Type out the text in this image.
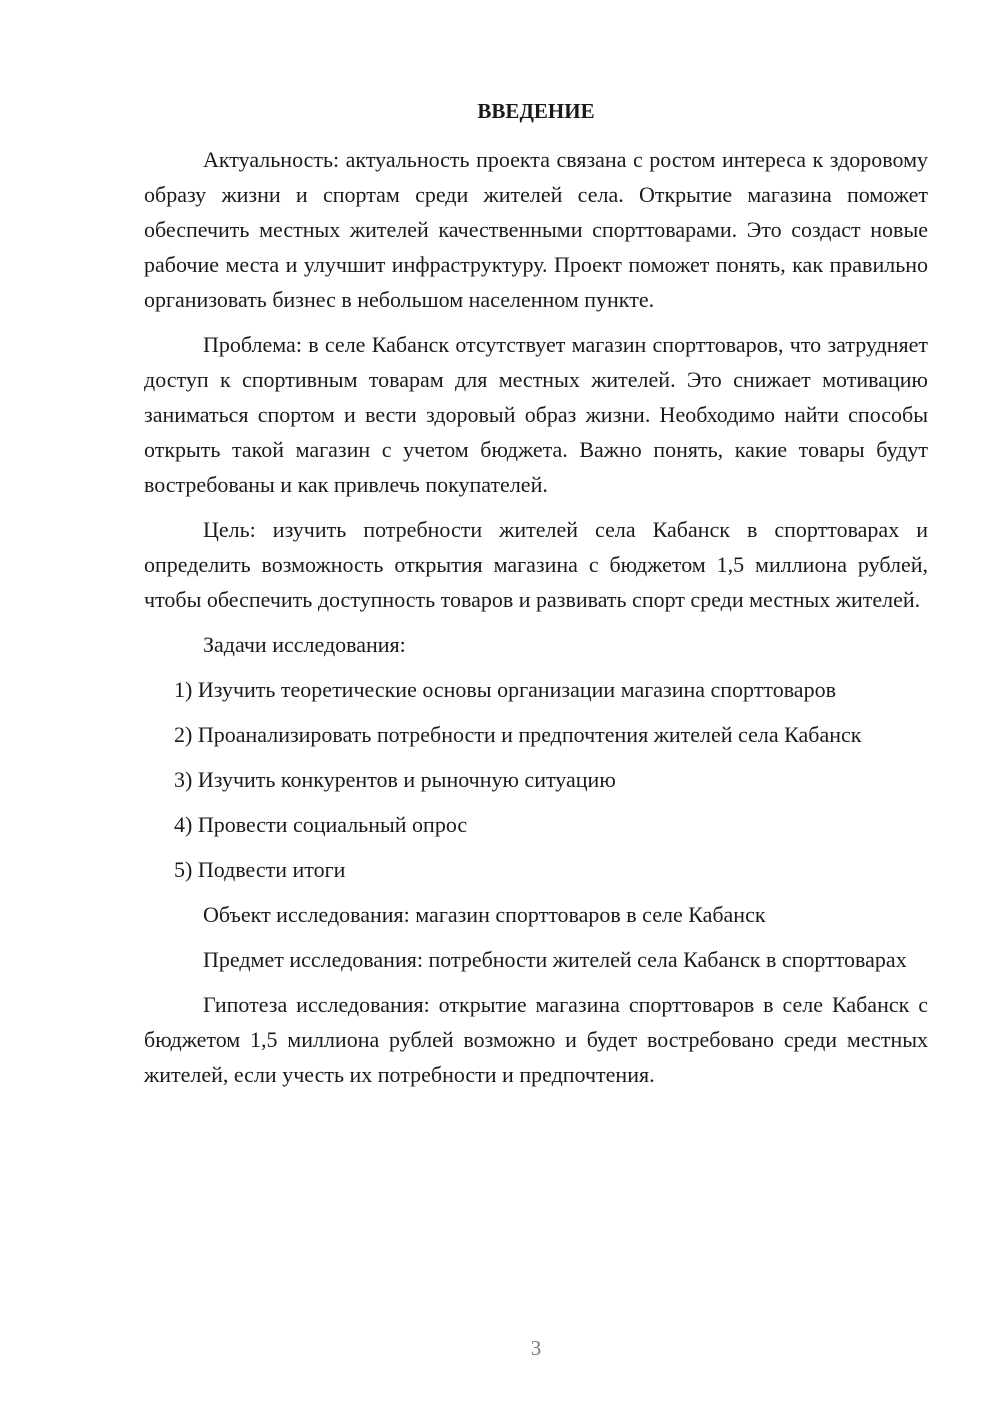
ВВЕДЕНИЕ

Актуальность: актуальность проекта связана с ростом интереса к здоровому образу жизни и спортам среди жителей села. Открытие магазина поможет обеспечить местных жителей качественными спорттоварами. Это создаст новые рабочие места и улучшит инфраструктуру. Проект поможет понять, как правильно организовать бизнес в небольшом населенном пункте.

Проблема: в селе Кабанск отсутствует магазин спорттоваров, что затрудняет доступ к спортивным товарам для местных жителей. Это снижает мотивацию заниматься спортом и вести здоровый образ жизни. Необходимо найти способы открыть такой магазин с учетом бюджета. Важно понять, какие товары будут востребованы и как привлечь покупателей.

Цель: изучить потребности жителей села Кабанск в спорттоварах и определить возможность открытия магазина с бюджетом 1,5 миллиона рублей, чтобы обеспечить доступность товаров и развивать спорт среди местных жителей.

Задачи исследования:

1) Изучить теоретические основы организации магазина спорттоваров

2) Проанализировать потребности и предпочтения жителей села Кабанск

3) Изучить конкурентов и рыночную ситуацию

4) Провести социальный опрос

5) Подвести итоги

Объект исследования: магазин спорттоваров в селе Кабанск

Предмет исследования: потребности жителей села Кабанск в спорттоварах

Гипотеза исследования: открытие магазина спорттоваров в селе Кабанск с бюджетом 1,5 миллиона рублей возможно и будет востребовано среди местных жителей, если учесть их потребности и предпочтения.

3
